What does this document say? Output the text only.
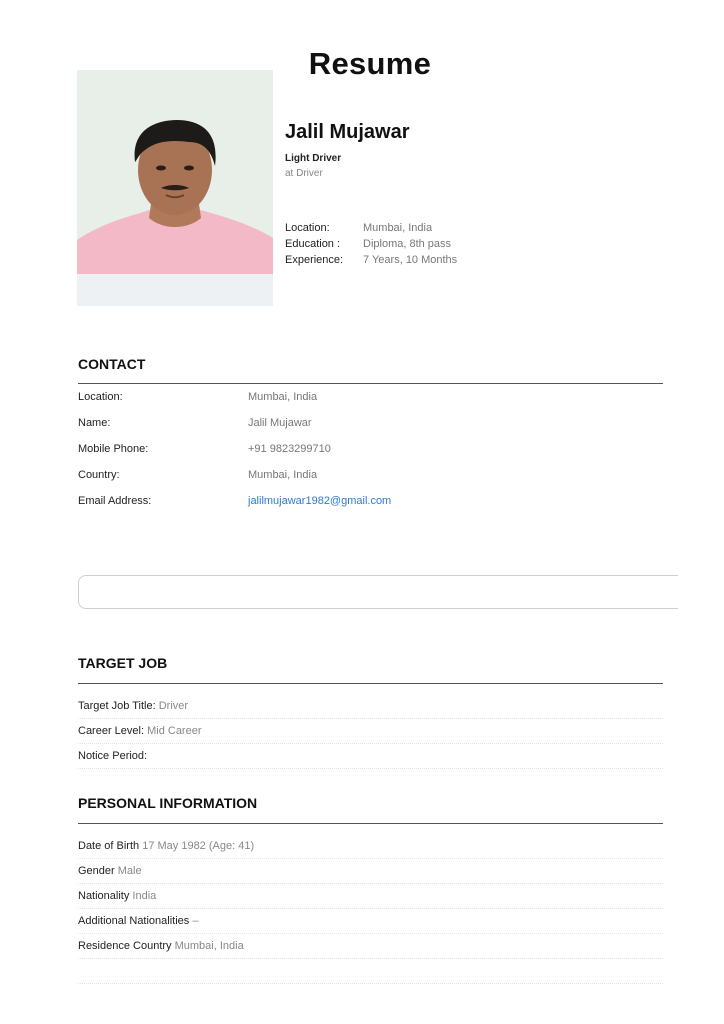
Resume
Jalil Mujawar
Light Driver
at Driver
Location:	Mumbai, India
Education :	Diploma, 8th pass
Experience:	7 Years, 10 Months
CONTACT
Location:	Mumbai, India
Name:	Jalil Mujawar
Mobile Phone:	+91 9823299710
Country:	Mumbai, India
Email Address:	jalilmujawar1982@gmail.com
TARGET JOB
Target Job Title: Driver
Career Level: Mid Career
Notice Period:
PERSONAL INFORMATION
Date of Birth 17 May 1982 (Age: 41)
Gender Male
Nationality India
Additional Nationalities –
Residence Country Mumbai, India
